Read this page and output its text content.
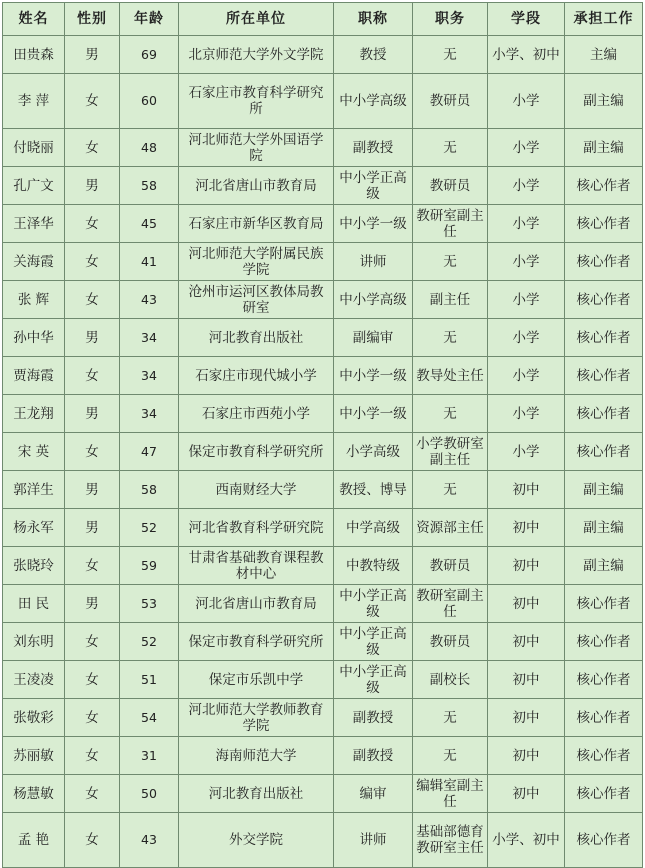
姓名	性别	年龄	所在单位	职称	职务	学段	承担工作
田贵森	男	69	北京师范大学外文学院	教授	无	小学、初中	主编
李 萍	女	60	石家庄市教育科学研究所	中小学高级	教研员	小学	副主编
付晓丽	女	48	河北师范大学外国语学院	副教授	无	小学	副主编
孔广文	男	58	河北省唐山市教育局	中小学正高级	教研员	小学	核心作者
王泽华	女	45	石家庄市新华区教育局	中小学一级	教研室副主任	小学	核心作者
关海霞	女	41	河北师范大学附属民族学院	讲师	无	小学	核心作者
张 辉	女	43	沧州市运河区教体局教研室	中小学高级	副主任	小学	核心作者
孙中华	男	34	河北教育出版社	副编审	无	小学	核心作者
贾海霞	女	34	石家庄市现代城小学	中小学一级	教导处主任	小学	核心作者
王龙翔	男	34	石家庄市西苑小学	中小学一级	无	小学	核心作者
宋 英	女	47	保定市教育科学研究所	小学高级	小学教研室副主任	小学	核心作者
郭洋生	男	58	西南财经大学	教授、博导	无	初中	副主编
杨永军	男	52	河北省教育科学研究院	中学高级	资源部主任	初中	副主编
张晓玲	女	59	甘肃省基础教育课程教材中心	中教特级	教研员	初中	副主编
田 民	男	53	河北省唐山市教育局	中小学正高级	教研室副主任	初中	核心作者
刘东明	女	52	保定市教育科学研究所	中小学正高级	教研员	初中	核心作者
王凌凌	女	51	保定市乐凯中学	中小学正高级	副校长	初中	核心作者
张敬彩	女	54	河北师范大学教师教育学院	副教授	无	初中	核心作者
苏丽敏	女	31	海南师范大学	副教授	无	初中	核心作者
杨慧敏	女	50	河北教育出版社	编审	编辑室副主任	初中	核心作者
孟 艳	女	43	外交学院	讲师	基础部德育教研室主任	小学、初中	核心作者
